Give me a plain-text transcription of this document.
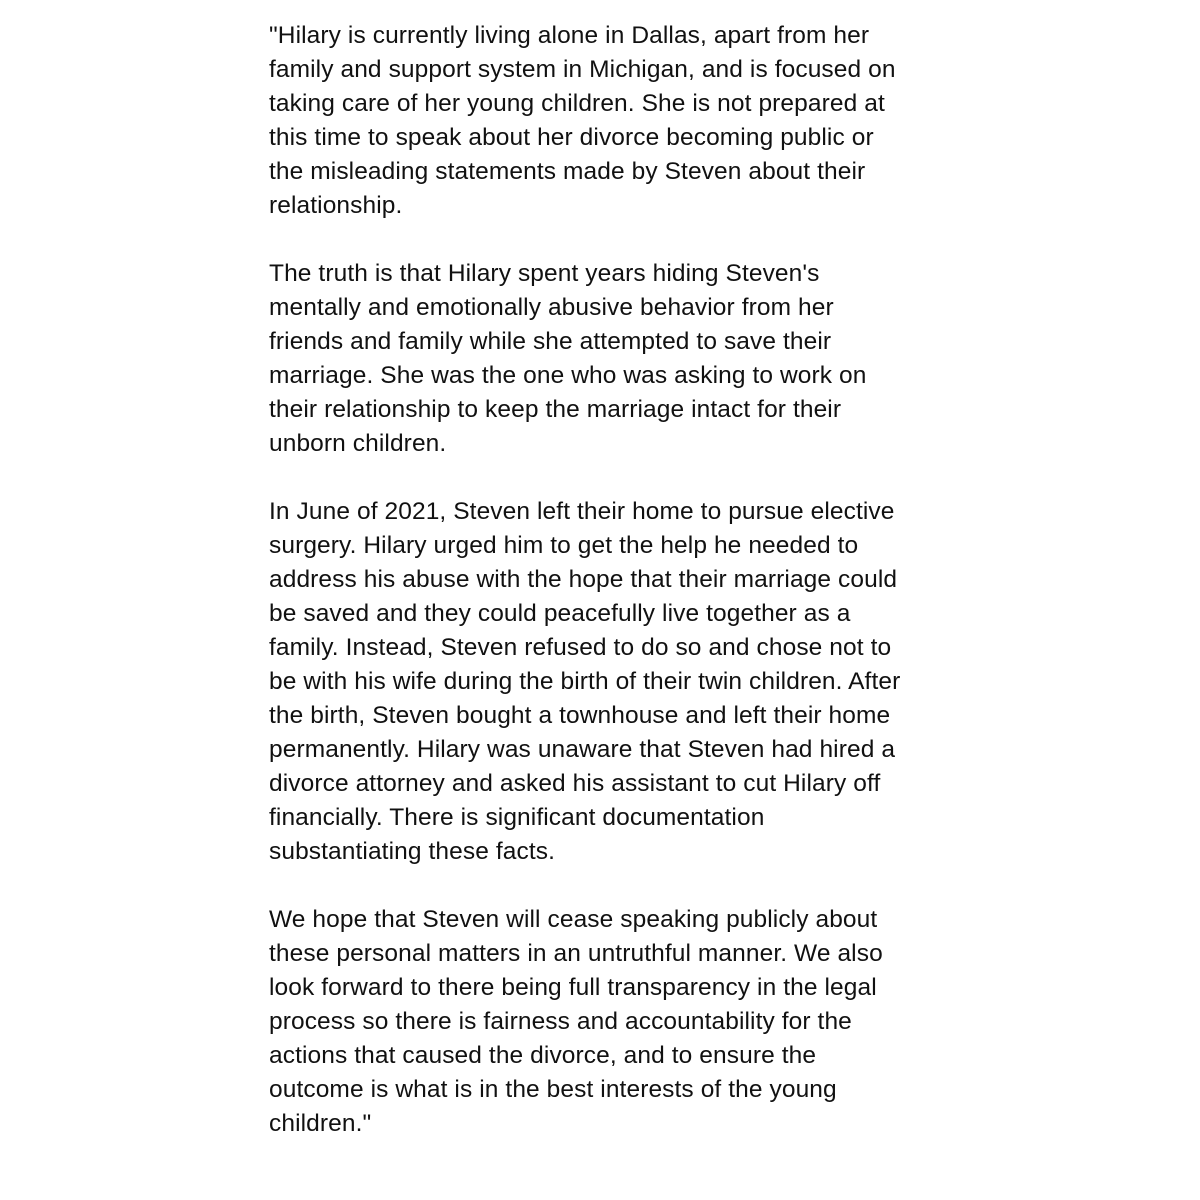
"Hilary is currently living alone in Dallas, apart from her
family and support system in Michigan, and is focused on
taking care of her young children. She is not prepared at
this time to speak about her divorce becoming public or
the misleading statements made by Steven about their
relationship.

The truth is that Hilary spent years hiding Steven's
mentally and emotionally abusive behavior from her
friends and family while she attempted to save their
marriage. She was the one who was asking to work on
their relationship to keep the marriage intact for their
unborn children.

In June of 2021, Steven left their home to pursue elective
surgery. Hilary urged him to get the help he needed to
address his abuse with the hope that their marriage could
be saved and they could peacefully live together as a
family. Instead, Steven refused to do so and chose not to
be with his wife during the birth of their twin children. After
the birth, Steven bought a townhouse and left their home
permanently. Hilary was unaware that Steven had hired a
divorce attorney and asked his assistant to cut Hilary off
financially. There is significant documentation
substantiating these facts.

We hope that Steven will cease speaking publicly about
these personal matters in an untruthful manner. We also
look forward to there being full transparency in the legal
process so there is fairness and accountability for the
actions that caused the divorce, and to ensure the
outcome is what is in the best interests of the young
children."
